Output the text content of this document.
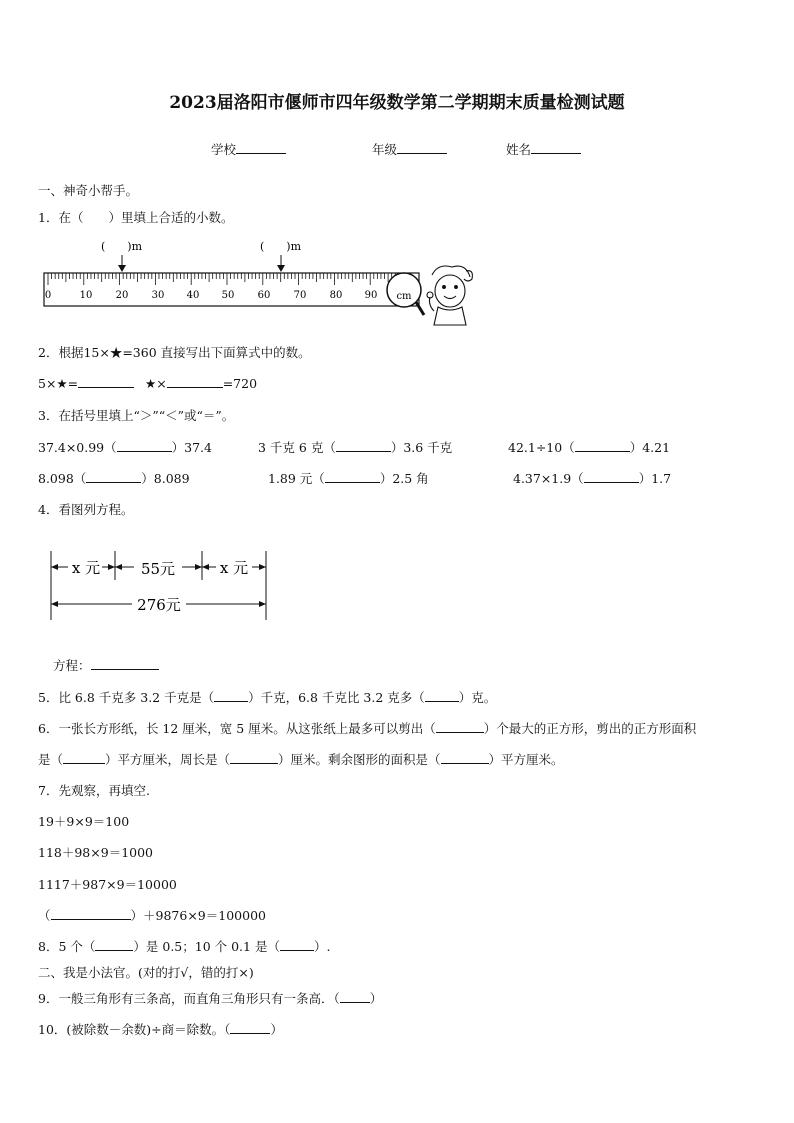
2023届洛阳市偃师市四年级数学第二学期期末质量检测试题
学校	年级	姓名
一、神奇小帮手。
1．在（　　）里填上合适的小数。
(　　)m	(　　)m
0	10 20 30 40 50 60 70 80 90 cm
2．根据15×★=360 直接写出下面算式中的数。
5×★=	★×	=720
3．在括号里填上“＞”“＜”或“＝”。
37.4×0.99（	）37.4	3 千克 6 克（	）3.6 千克	42.1÷10（	）4.21
8.098（	）8.089	1.89 元（	）2.5 角	4.37×1.9（	）1.7
4．看图列方程。
x 元	55元	x 元
276元
方程：
5．比 6.8 千克多 3.2 千克是（	）千克，6.8 千克比 3.2 克多（	）克。
6．一张长方形纸，长 12 厘米，宽 5 厘米。从这张纸上最多可以剪出（	）个最大的正方形，剪出的正方形面积
是（	）平方厘米，周长是（	）厘米。剩余图形的面积是（	）平方厘米。
7．先观察，再填空.
19＋9×9＝100
118＋98×9＝1000
1117＋987×9＝10000
（	）＋9876×9＝100000
8．5 个（	）是 0.5；10 个 0.1 是（	）.
二、我是小法官。(对的打√，错的打×)
9．一般三角形有三条高，而直角三角形只有一条高．（ ）
10．(被除数－余数)÷商＝除数。（	）
